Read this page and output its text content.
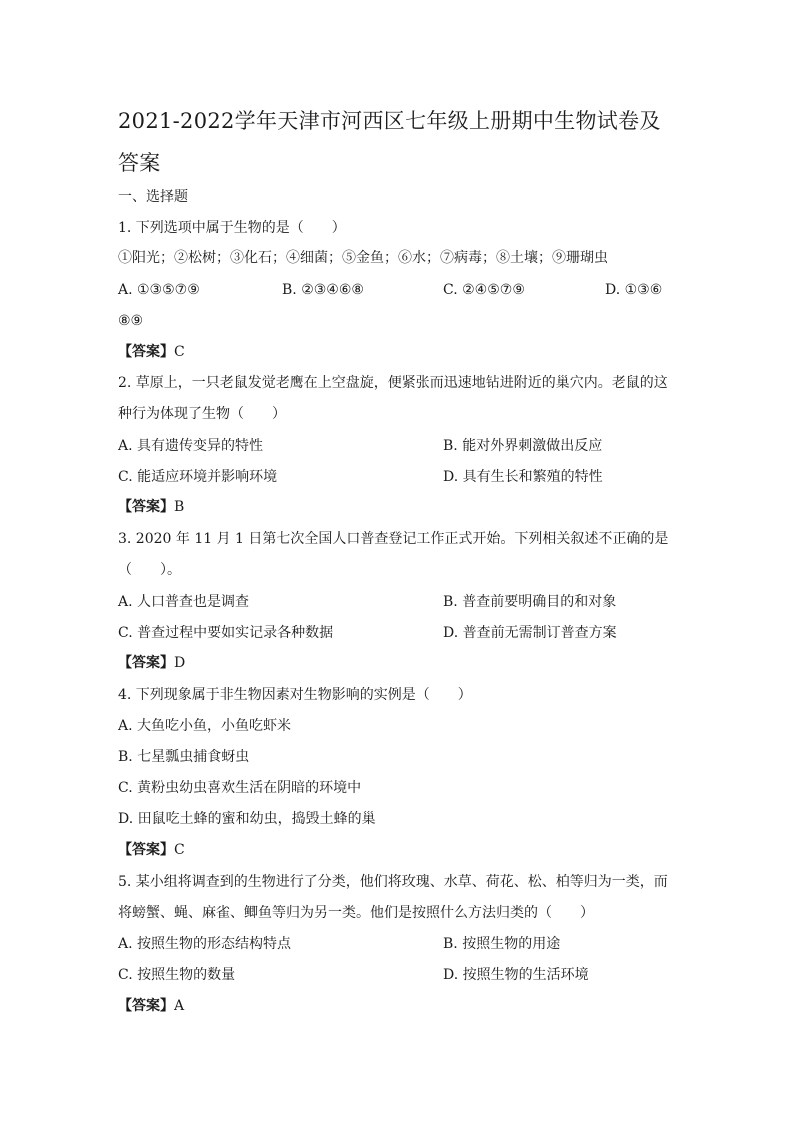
2021-2022学年天津市河西区七年级上册期中生物试卷及答案
一、选择题
1. 下列选项中属于生物的是（　　）
①阳光；②松树；③化石；④细菌；⑤金鱼；⑥水；⑦病毒；⑧土壤；⑨珊瑚虫
A. ①③⑤⑦⑨	B. ②③④⑥⑧	C. ②④⑤⑦⑨	D. ①③⑥
⑧⑨
【答案】C
2. 草原上，一只老鼠发觉老鹰在上空盘旋，便紧张而迅速地钻进附近的巢穴内。老鼠的这
种行为体现了生物（　　）
A. 具有遗传变异的特性	B. 能对外界刺激做出反应
C. 能适应环境并影响环境	D. 具有生长和繁殖的特性
【答案】B
3. 2020 年 11 月 1 日第七次全国人口普查登记工作正式开始。下列相关叙述不正确的是
（　　）。
A. 人口普查也是调查	B. 普查前要明确目的和对象
C. 普查过程中要如实记录各种数据	D. 普查前无需制订普查方案
【答案】D
4. 下列现象属于非生物因素对生物影响的实例是（　　）
A. 大鱼吃小鱼，小鱼吃虾米
B. 七星瓢虫捕食蚜虫
C. 黄粉虫幼虫喜欢生活在阴暗的环境中
D. 田鼠吃土蜂的蜜和幼虫，捣毁土蜂的巢
【答案】C
5. 某小组将调查到的生物进行了分类，他们将玫瑰、水草、荷花、松、柏等归为一类，而
将螃蟹、蝇、麻雀、鲫鱼等归为另一类。他们是按照什么方法归类的（　　）
A. 按照生物的形态结构特点	B. 按照生物的用途
C. 按照生物的数量	D. 按照生物的生活环境
【答案】A
